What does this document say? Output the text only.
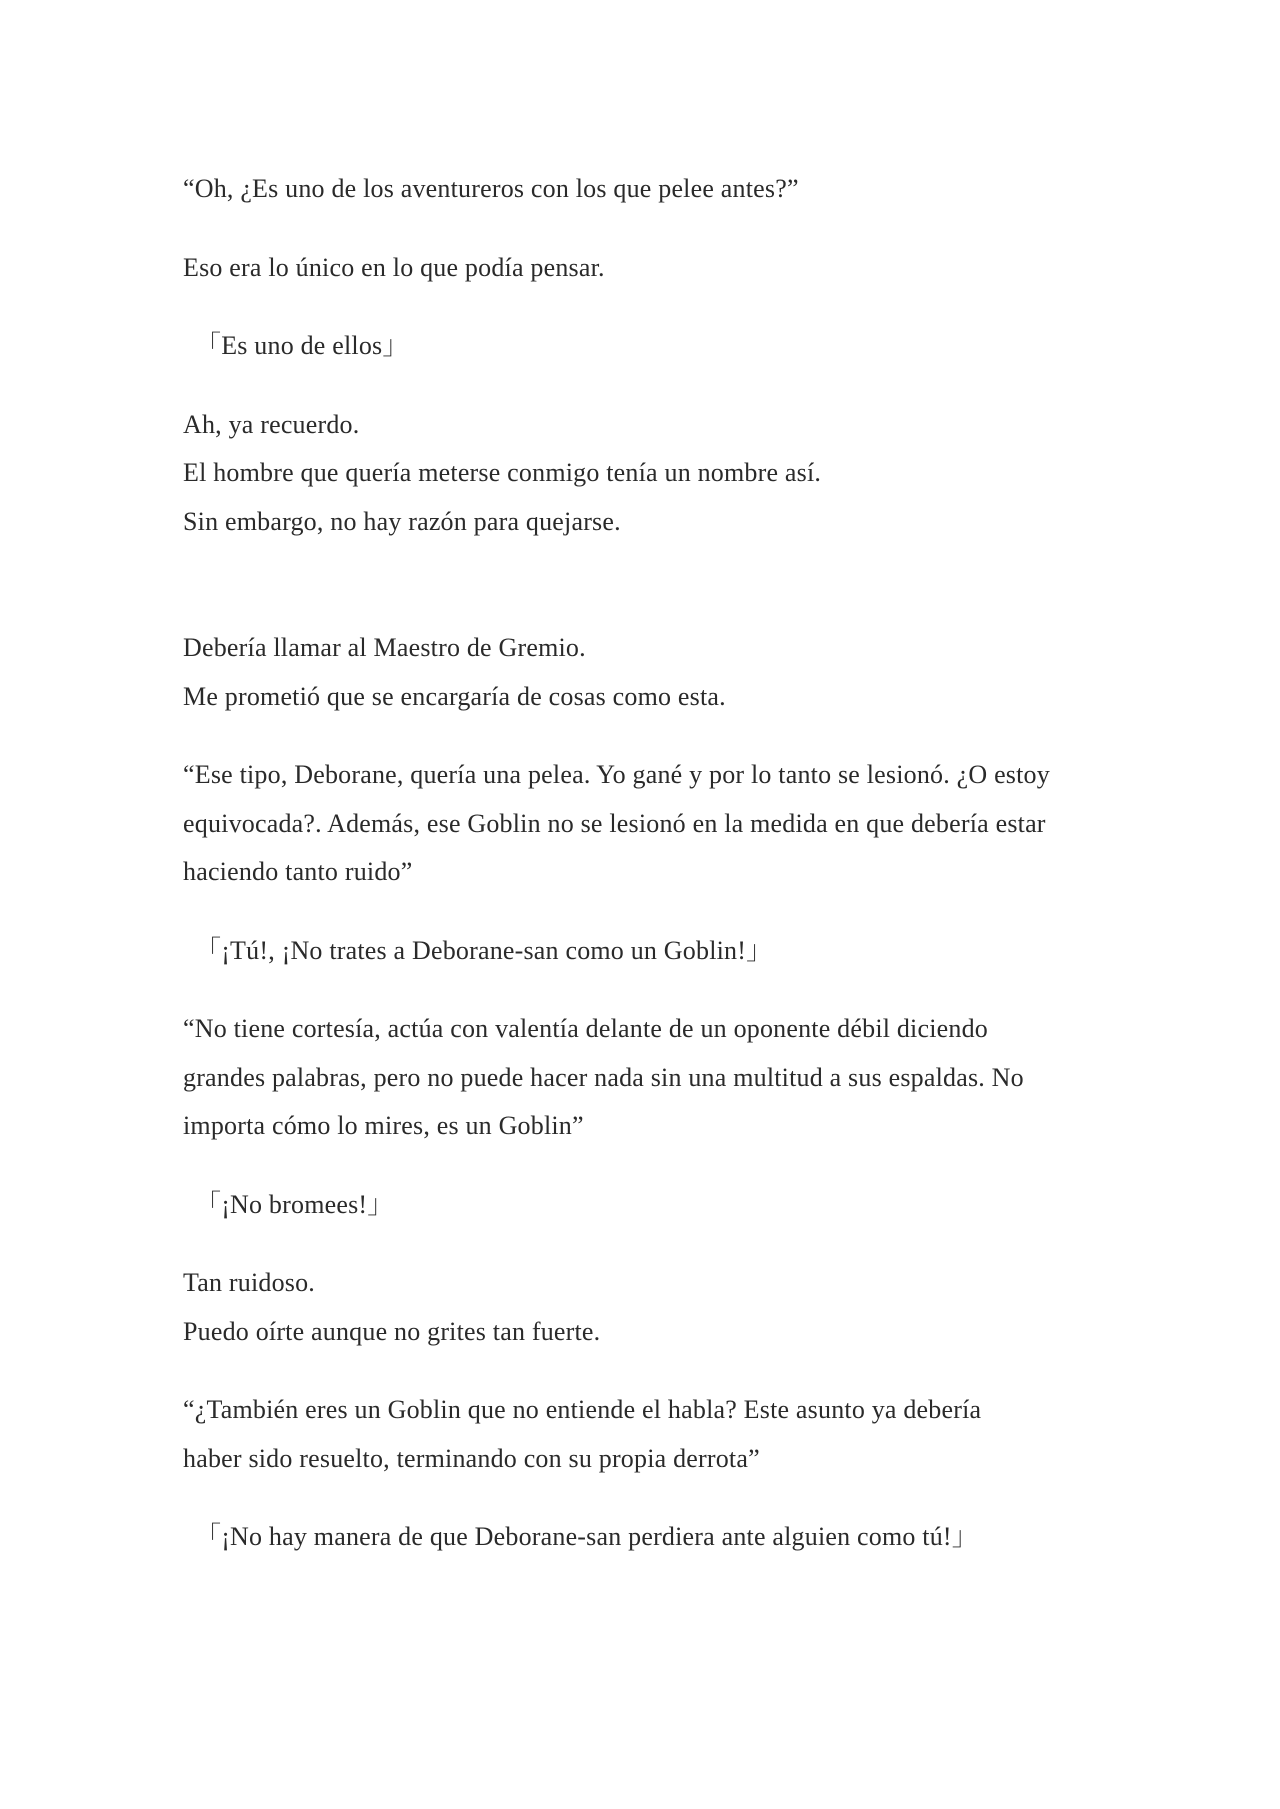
“Oh, ¿Es uno de los aventureros con los que pelee antes?”

Eso era lo único en lo que podía pensar.

「Es uno de ellos」

Ah, ya recuerdo.
El hombre que quería meterse conmigo tenía un nombre así.
Sin embargo, no hay razón para quejarse.

Debería llamar al Maestro de Gremio.
Me prometió que se encargaría de cosas como esta.

“Ese tipo, Deborane, quería una pelea. Yo gané y por lo tanto se lesionó. ¿O estoy
equivocada?. Además, ese Goblin no se lesionó en la medida en que debería estar
haciendo tanto ruido”

「¡Tú!, ¡No trates a Deborane-san como un Goblin!」

“No tiene cortesía, actúa con valentía delante de un oponente débil diciendo
grandes palabras, pero no puede hacer nada sin una multitud a sus espaldas. No
importa cómo lo mires, es un Goblin”

「¡No bromees!」

Tan ruidoso.
Puedo oírte aunque no grites tan fuerte.

“¿También eres un Goblin que no entiende el habla? Este asunto ya debería
haber sido resuelto, terminando con su propia derrota”

「¡No hay manera de que Deborane-san perdiera ante alguien como tú!」
